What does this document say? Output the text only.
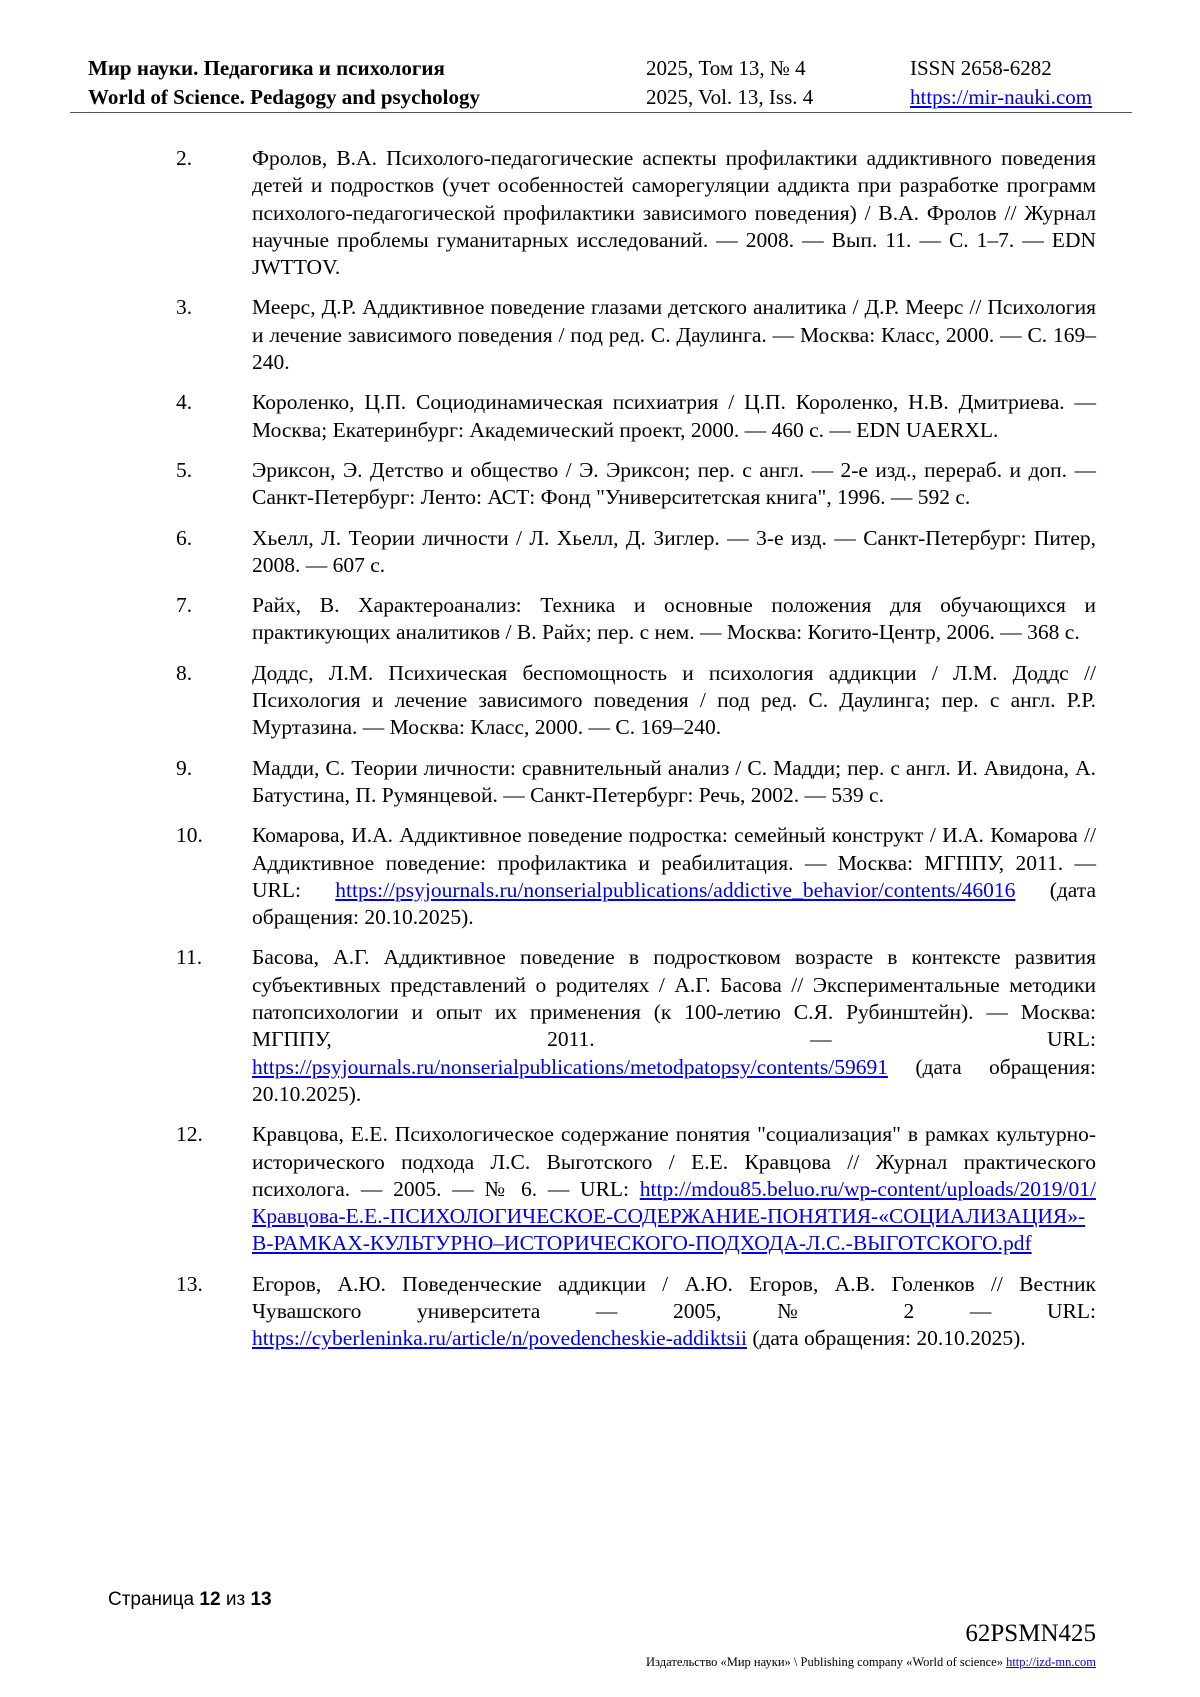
Мир науки. Педагогика и психология
World of Science. Pedagogy and psychology
2025, Том 13, № 4
2025, Vol. 13, Iss. 4
ISSN 2658-6282
https://mir-nauki.com
2.	Фролов, В.А. Психолого-педагогические аспекты профилактики аддиктивного поведения детей и подростков (учет особенностей саморегуляции аддикта при разработке программ психолого-педагогической профилактики зависимого поведения) / В.А. Фролов // Журнал научные проблемы гуманитарных исследований. — 2008. — Вып. 11. — С. 1–7. — EDN JWTTOV.
3.	Меерс, Д.Р. Аддиктивное поведение глазами детского аналитика / Д.Р. Меерс // Психология и лечение зависимого поведения / под ред. С. Даулинга. — Москва: Класс, 2000. — С. 169–240.
4.	Короленко, Ц.П. Социодинамическая психиатрия / Ц.П. Короленко, Н.В. Дмитриева. — Москва; Екатеринбург: Академический проект, 2000. — 460 с. — EDN UAERXL.
5.	Эриксон, Э. Детство и общество / Э. Эриксон; пер. с англ. — 2-е изд., перераб. и доп. — Санкт-Петербург: Ленто: АСТ: Фонд "Университетская книга", 1996. — 592 с.
6.	Хьелл, Л. Теории личности / Л. Хьелл, Д. Зиглер. — 3-е изд. — Санкт-Петербург: Питер, 2008. — 607 с.
7.	Райх, В. Характероанализ: Техника и основные положения для обучающихся и практикующих аналитиков / В. Райх; пер. с нем. — Москва: Когито-Центр, 2006. — 368 с.
8.	Доддс, Л.М. Психическая беспомощность и психология аддикции / Л.М. Доддс // Психология и лечение зависимого поведения / под ред. С. Даулинга; пер. с англ. Р.Р. Муртазина. — Москва: Класс, 2000. — С. 169–240.
9.	Мадди, С. Теории личности: сравнительный анализ / С. Мадди; пер. с англ. И. Авидона, А. Батустина, П. Румянцевой. — Санкт-Петербург: Речь, 2002. — 539 с.
10. Комарова, И.А. Аддиктивное поведение подростка: семейный конструкт / И.А. Комарова // Аддиктивное поведение: профилактика и реабилитация. — Москва: МГППУ, 2011. — URL: https://psyjournals.ru/nonserialpublications/addictive_behavior/contents/46016 (дата обращения: 20.10.2025).
11. Басова, А.Г. Аддиктивное поведение в подростковом возрасте в контексте развития субъективных представлений о родителях / А.Г. Басова // Экспериментальные методики патопсихологии и опыт их применения (к 100-летию С.Я. Рубинштейн). — Москва: МГППУ, 2011. — URL: https://psyjournals.ru/nonserialpublications/metodpatopsy/contents/59691 (дата обращения: 20.10.2025).
12. Кравцова, Е.Е. Психологическое содержание понятия "социализация" в рамках культурно-исторического подхода Л.С. Выготского / Е.Е. Кравцова // Журнал практического психолога. — 2005. — № 6. — URL: http://mdou85.beluo.ru/wp-content/uploads/2019/01/Кравцова-Е.Е.-ПСИХОЛОГИЧЕСКОЕ-СОДЕРЖАНИЕ-ПОНЯТИЯ-«СОЦИАЛИЗАЦИЯ»-В-РАМКАХ-КУЛЬТУРНО–ИСТОРИЧЕСКОГО-ПОДХОДА-Л.С.-ВЫГОТСКОГО.pdf
13. Егоров, А.Ю. Поведенческие аддикции / А.Ю. Егоров, А.В. Голенков // Вестник Чувашского университета — 2005, № 2 — URL: https://cyberleninka.ru/article/n/povedencheskie-addiktsii (дата обращения: 20.10.2025).
Страница 12 из 13
62PSMN425
Издательство «Мир науки» \ Publishing company «World of science» http://izd-mn.com
